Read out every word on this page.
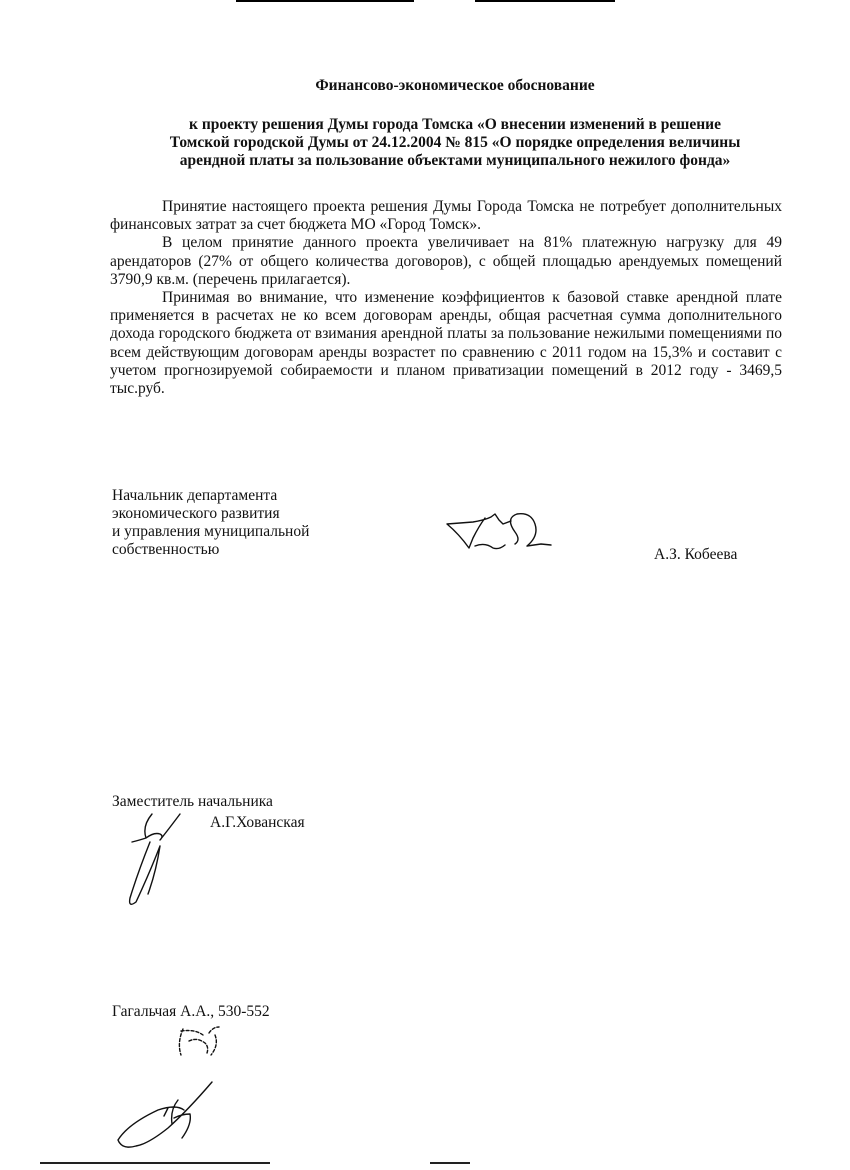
Финансово-экономическое обоснование
к проекту решения Думы города Томска «О внесении изменений в решение
Томской городской Думы от 24.12.2004 № 815 «О порядке определения величины
арендной платы за пользование объектами муниципального нежилого фонда»

Принятие настоящего проекта решения Думы Города Томска не потребует дополнительных финансовых затрат за счет бюджета МО «Город Томск».

В целом принятие данного проекта увеличивает на 81% платежную нагрузку для 49 арендаторов (27% от общего количества договоров), с общей площадью арендуемых помещений 3790,9 кв.м. (перечень прилагается).

Принимая во внимание, что изменение коэффициентов к базовой ставке арендной плате применяется в расчетах не ко всем договорам аренды, общая расчетная сумма дополнительного дохода городского бюджета от взимания арендной платы за пользование нежилыми помещениями по всем действующим договорам аренды возрастет по сравнению с 2011 годом на 15,3% и составит с учетом прогнозируемой собираемости и планом приватизации помещений в 2012 году - 3469,5 тыс.руб.

Начальник департамента
экономического развития
и управления муниципальной
собственностью	А.З. Кобеева
Заместитель начальника
А.Г.Хованская
Гагальчая А.А., 530-552
